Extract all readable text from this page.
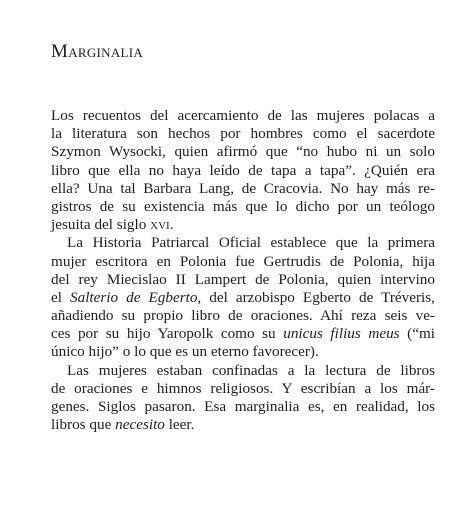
Marginalia
Los recuentos del acercamiento de las mujeres polacas a
la literatura son hechos por hombres como el sacerdote
Szymon Wysocki, quien afirmó que “no hubo ni un solo
libro que ella no haya leído de tapa a tapa”. ¿Quién era
ella? Una tal Barbara Lang, de Cracovia. No hay más re-
gistros de su existencia más que lo dicho por un teólogo
jesuita del siglo xvi.
La Historia Patriarcal Oficial establece que la primera
mujer escritora en Polonia fue Gertrudis de Polonia, hija
del rey Miecislao II Lampert de Polonia, quien intervino
el Salterio de Egberto, del arzobispo Egberto de Tréveris,
añadiendo su propio libro de oraciones. Ahí reza seis ve-
ces por su hijo Yaropolk como su unicus filius meus (“mi
único hijo” o lo que es un eterno favorecer).
Las mujeres estaban confinadas a la lectura de libros
de oraciones e himnos religiosos. Y escribían a los már-
genes. Siglos pasaron. Esa marginalia es, en realidad, los
libros que necesito leer.
